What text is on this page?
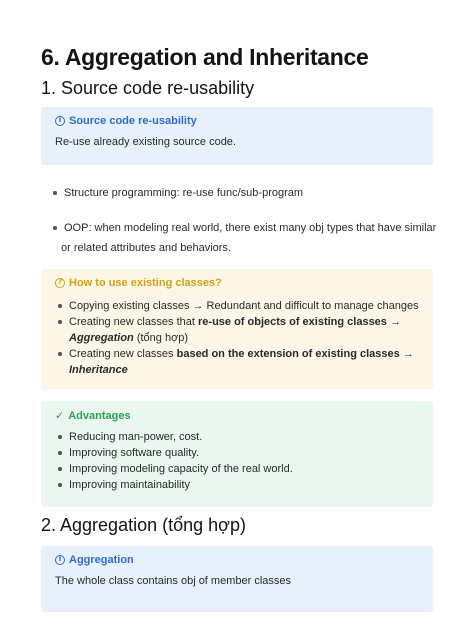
6. Aggregation and Inheritance
1. Source code re-usability
i
Source code re-usability
Re-use already existing source code.
Structure programming: re-use func/sub-program
OOP: when modeling real world, there exist many obj types that have similar
or related attributes and behaviors.
?
How to use existing classes?
Copying existing classes → Redundant and difficult to manage changes
Creating new classes that re-use of objects of existing classes →
Aggregation (tổng hợp)
Creating new classes based on the extension of existing classes →
Inheritance
✓ Advantages
Reducing man-power, cost.
Improving software quality.
Improving modeling capacity of the real world.
Improving maintainability
2. Aggregation (tổng hợp)
i
Aggregation
The whole class contains obj of member classes
